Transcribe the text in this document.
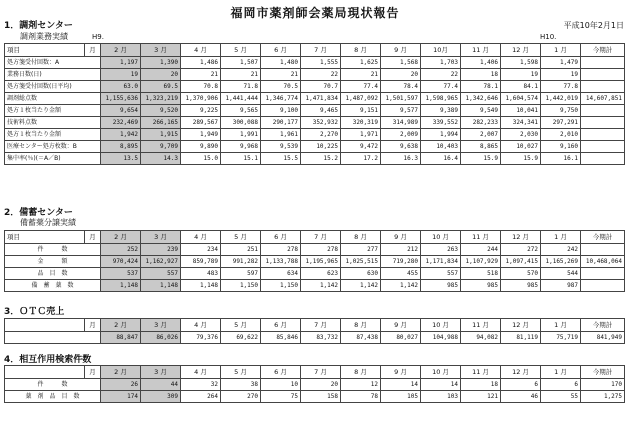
福岡市薬剤師会薬局現状報告
平成10年2月1日
1．調剤センター
調剤業務実績	H9.	H10.
項目	月	2 月	3 月	4 月	5 月	6 月	7 月	8 月	9 月	10月	11 月	12 月	1 月	今期計
処方箋受付回数：A		1,197	1,390	1,486	1,507	1,480	1,555	1,625	1,568	1,703	1,406	1,598	1,479	
業務日数(日)		19	20	21	21	21	22	21	20	22	18	19	19	
処方箋受付回数(日平均)		63.0	69.5	70.8	71.8	70.5	70.7	77.4	78.4	77.4	78.1	84.1	77.8	
調剤総点数		1,155,636	1,323,219	1,370,906	1,441,444	1,346,774	1,471,834	1,487,092	1,501,597	1,598,965	1,342,646	1,604,574	1,442,019	14,607,851
処方１枚当たり金額		9,654	9,520	9,225	9,565	9,100	9,465	9,151	9,577	9,389	9,549	10,041	9,750	
技術料点数		232,469	266,165	289,567	300,088	290,177	352,932	320,319	314,989	339,552	282,233	324,341	297,291	
処方１枚当たり金額		1,942	1,915	1,949	1,991	1,961	2,270	1,971	2,009	1,994	2,007	2,030	2,010	
医療センター処方枚数：B		8,895	9,709	9,890	9,968	9,539	10,225	9,472	9,638	10,403	8,865	10,027	9,160	
集中率(％)(＝A／B)		13.5	14.3	15.0	15.1	15.5	15.2	17.2	16.3	16.4	15.9	15.9	16.1	
2．備蓄センター
備蓄薬分譲実績
項目	月	2 月	3 月	4 月	5 月	6 月	7 月	8 月	9 月	10 月	11 月	12 月	1 月	今期計
件　　　数		252	239	234	251	278	278	277	212	263	244	272	242	
金　　　額		970,424	1,162,927	859,789	991,282	1,133,788	1,195,965	1,025,515	719,280	1,171,834	1,107,929	1,097,415	1,165,269	10,468,064
品　目　数		537	557	483	597	634	623	630	455	557	518	570	544	
備　蓄　薬　数		1,148	1,148	1,148	1,150	1,150	1,142	1,142	1,142	985	985	985	987	
3．ＯＴＣ売上
	月	2 月	3 月	4 月	5 月	6 月	7 月	8 月	9 月	10 月	11 月	12 月	1 月	今期計
		88,847	86,026	79,376	69,622	85,846	83,732	87,438	80,027	104,988	94,082	81,119	75,719	841,949
4．相互作用検索件数
	月	2 月	3 月	4 月	5 月	6 月	7 月	8 月	9 月	10 月	11 月	12 月	1 月	今期計
件　　　数		26	44	32	38	10	20	12	14	14	18	6	6	170
薬　剤　品　目　数		174	309	264	270	75	158	78	105	103	121	46	55	1,275
